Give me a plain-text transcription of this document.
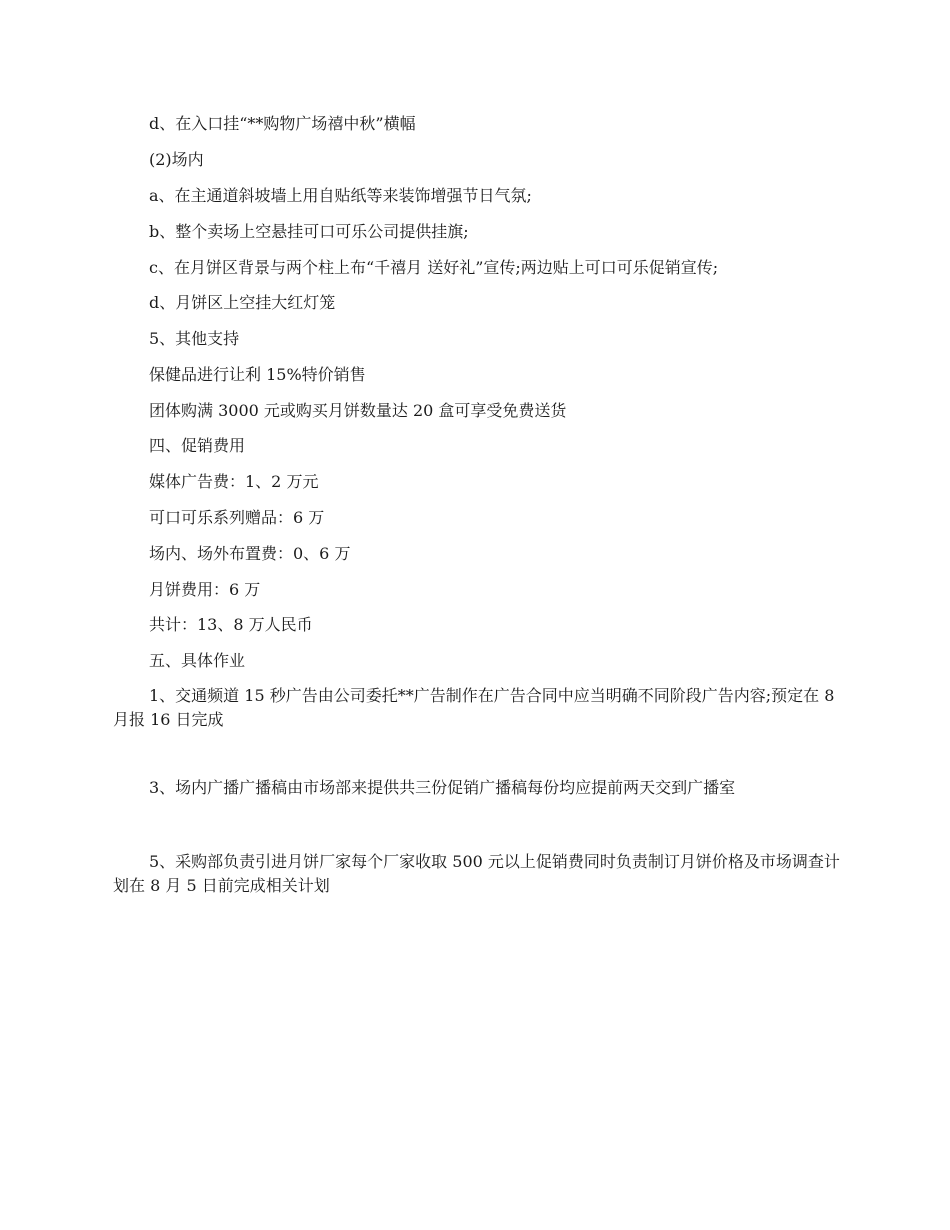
d、在入口挂“**购物广场禧中秋”横幅
(2)场内
a、在主通道斜坡墙上用自贴纸等来装饰增强节日气氛;
b、整个卖场上空悬挂可口可乐公司提供挂旗;
c、在月饼区背景与两个柱上布“千禧月 送好礼”宣传;两边贴上可口可乐促销宣传;
d、月饼区上空挂大红灯笼
5、其他支持
保健品进行让利 15%特价销售
团体购满 3000 元或购买月饼数量达 20 盒可享受免费送货
四、促销费用
媒体广告费：1、2 万元
可口可乐系列赠品：6 万
场内、场外布置费：0、6 万
月饼费用：6 万
共计：13、8 万人民币
五、具体作业
1、交通频道 15 秒广告由公司委托**广告制作在广告合同中应当明确不同阶段广告内容;预定在 8 月报 16 日完成
3、场内广播广播稿由市场部来提供共三份促销广播稿每份均应提前两天交到广播室
5、采购部负责引进月饼厂家每个厂家收取 500 元以上促销费同时负责制订月饼价格及市场调查计划在 8 月 5 日前完成相关计划
